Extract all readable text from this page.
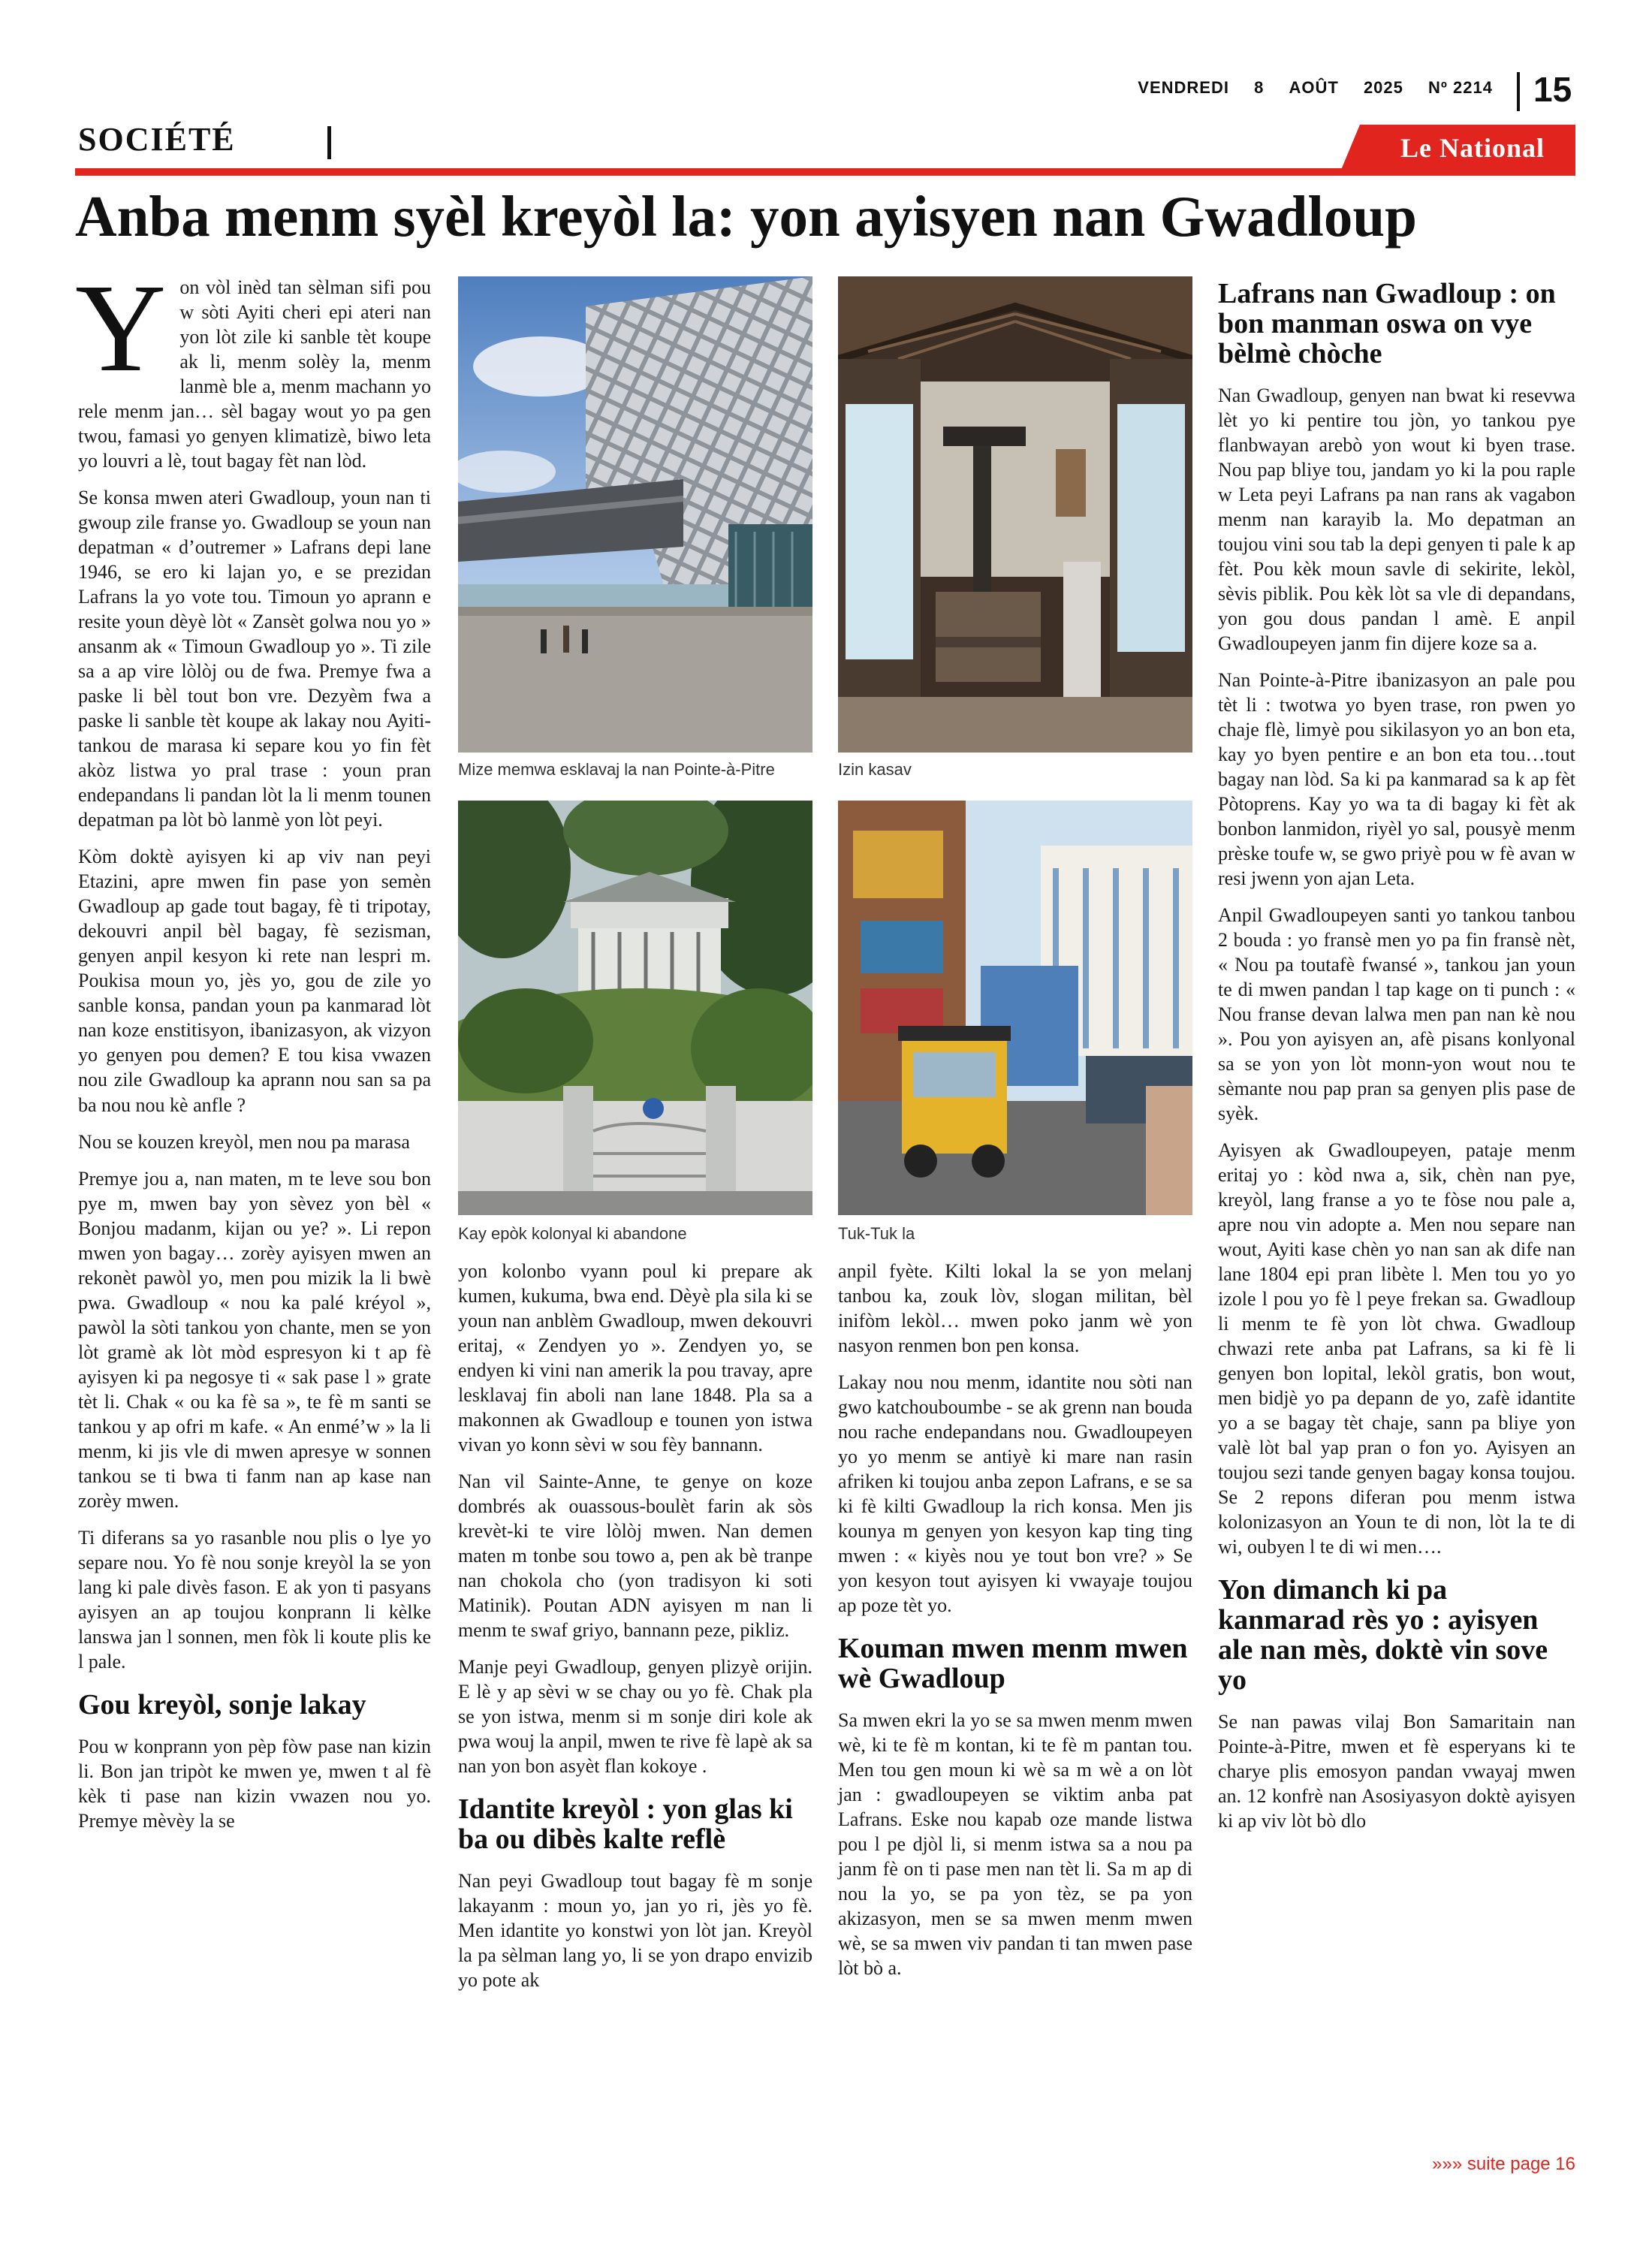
VENDREDI 8 AOÛT 2025 Nº 2214 15
SOCIÉTÉ	Le National
Anba menm syèl kreyòl la: yon ayisyen nan Gwadloup

Yon vòl inèd tan sèlman sifi pou w sòti Ayiti cheri epi ateri nan yon lòt zile ki sanble tèt koupe ak li, menm solèy la, menm lanmè ble a, menm machann yo rele menm jan… sèl bagay wout yo pa gen twou, famasi yo genyen klimatizè, biwo leta yo louvri a lè, tout bagay fèt nan lòd.

Se konsa mwen ateri Gwadloup, youn nan ti gwoup zile franse yo. Gwadloup se youn nan depatman « d’outremer » Lafrans depi lane 1946, se ero ki lajan yo, e se prezidan Lafrans la yo vote tou. Timoun yo aprann e resite youn dèyè lòt « Zansèt golwa nou yo » ansanm ak « Timoun Gwadloup yo ». Ti zile sa a ap vire lòlòj ou de fwa. Premye fwa a paske li bèl tout bon vre. Dezyèm fwa a paske li sanble tèt koupe ak lakay nou Ayiti-tankou de marasa ki separe kou yo fin fèt akòz listwa yo pral trase : youn pran endepandans li pandan lòt la li menm tounen depatman pa lòt bò lanmè yon lòt peyi.

Kòm doktè ayisyen ki ap viv nan peyi Etazini, apre mwen fin pase yon semèn Gwadloup ap gade tout bagay, fè ti tripotay, dekouvri anpil bèl bagay, fè sezisman, genyen anpil kesyon ki rete nan lespri m. Poukisa moun yo, jès yo, gou de zile yo sanble konsa, pandan youn pa kanmarad lòt nan koze enstitisyon, ibanizasyon, ak vizyon yo genyen pou demen? E tou kisa vwazen nou zile Gwadloup ka aprann nou san sa pa ba nou nou kè anfle ?

Nou se kouzen kreyòl, men nou pa marasa

Premye jou a, nan maten, m te leve sou bon pye m, mwen bay yon sèvez yon bèl « Bonjou madanm, kijan ou ye? ». Li repon mwen yon bagay… zorèy ayisyen mwen an rekonèt pawòl yo, men pou mizik la li bwè pwa. Gwadloup « nou ka palé kréyol », pawòl la sòti tankou yon chante, men se yon lòt gramè ak lòt mòd espresyon ki t ap fè ayisyen ki pa negosye ti « sak pase l » grate tèt li. Chak « ou ka fè sa », te fè m santi se tankou y ap ofri m kafe. « An enmé’w » la li menm, ki jis vle di mwen apresye w sonnen tankou se ti bwa ti fanm nan ap kase nan zorèy mwen.

Ti diferans sa yo rasanble nou plis o lye yo separe nou. Yo fè nou sonje kreyòl la se yon lang ki pale divès fason. E ak yon ti pasyans ayisyen an ap toujou konprann li kèlke lanswa jan l sonnen, men fòk li koute plis ke l pale.

Gou kreyòl, sonje lakay

Pou w konprann yon pèp fòw pase nan kizin li. Bon jan tripòt ke mwen ye, mwen t al fè kèk ti pase nan kizin vwazen nou yo. Premye mèvèy la se

Mize memwa esklavaj la nan Pointe-à-Pitre	Izin kasav
Kay epòk kolonyal ki abandone	Tuk-Tuk la

yon kolonbo vyann poul ki prepare ak kumen, kukuma, bwa end. Dèyè pla sila ki se youn nan anblèm Gwadloup, mwen dekouvri eritaj, « Zendyen yo ». Zendyen yo, se endyen ki vini nan amerik la pou travay, apre lesklavaj fin aboli nan lane 1848. Pla sa a makonnen ak Gwadloup e tounen yon istwa vivan yo konn sèvi w sou fèy bannann.

Nan vil Sainte-Anne, te genye on koze dombrés ak ouassous-boulèt farin ak sòs krevèt-ki te vire lòlòj mwen. Nan demen maten m tonbe sou towo a, pen ak bè tranpe nan chokola cho (yon tradisyon ki soti Matinik). Poutan ADN ayisyen m nan li menm te swaf griyo, bannann peze, pikliz.

Manje peyi Gwadloup, genyen plizyè orijin. E lè y ap sèvi w se chay ou yo fè. Chak pla se yon istwa, menm si m sonje diri kole ak pwa wouj la anpil, mwen te rive fè lapè ak sa nan yon bon asyèt flan kokoye .

Idantite kreyòl : yon glas ki ba ou dibès kalte reflè

Nan peyi Gwadloup tout bagay fè m sonje lakayanm : moun yo, jan yo ri, jès yo fè. Men idantite yo konstwi yon lòt jan. Kreyòl la pa sèlman lang yo, li se yon drapo envizib yo pote ak

anpil fyète. Kilti lokal la se yon melanj tanbou ka, zouk lòv, slogan militan, bèl inifòm lekòl… mwen poko janm wè yon nasyon renmen bon pen konsa.

Lakay nou nou menm, idantite nou sòti nan gwo katchouboumbe - se ak grenn nan bouda nou rache endepandans nou. Gwadloupeyen yo yo menm se antiyè ki mare nan rasin afriken ki toujou anba zepon Lafrans, e se sa ki fè kilti Gwadloup la rich konsa. Men jis kounya m genyen yon kesyon kap ting ting mwen : « kiyès nou ye tout bon vre? » Se yon kesyon tout ayisyen ki vwayaje toujou ap poze tèt yo.

Kouman mwen menm mwen wè Gwadloup

Sa mwen ekri la yo se sa mwen menm mwen wè, ki te fè m kontan, ki te fè m pantan tou. Men tou gen moun ki wè sa m wè a on lòt jan : gwadloupeyen se viktim anba pat Lafrans. Eske nou kapab oze mande listwa pou l pe djòl li, si menm istwa sa a nou pa janm fè on ti pase men nan tèt li. Sa m ap di nou la yo, se pa yon tèz, se pa yon akizasyon, men se sa mwen menm mwen wè, se sa mwen viv pandan ti tan mwen pase lòt bò a.

Lafrans nan Gwadloup : on bon manman oswa on vye bèlmè chòche

Nan Gwadloup, genyen nan bwat ki resevwa lèt yo ki pentire tou jòn, yo tankou pye flanbwayan arebò yon wout ki byen trase. Nou pap bliye tou, jandam yo ki la pou raple w Leta peyi Lafrans pa nan rans ak vagabon menm nan karayib la. Mo depatman an toujou vini sou tab la depi genyen ti pale k ap fèt. Pou kèk moun savle di sekirite, lekòl, sèvis piblik. Pou kèk lòt sa vle di depandans, yon gou dous pandan l amè. E anpil Gwadloupeyen janm fin dijere koze sa a.

Nan Pointe-à-Pitre ibanizasyon an pale pou tèt li : twotwa yo byen trase, ron pwen yo chaje flè, limyè pou sikilasyon yo an bon eta, kay yo byen pentire e an bon eta tou…tout bagay nan lòd. Sa ki pa kanmarad sa k ap fèt Pòtoprens. Kay yo wa ta di bagay ki fèt ak bonbon lanmidon, riyèl yo sal, pousyè menm prèske toufe w, se gwo priyè pou w fè avan w resi jwenn yon ajan Leta.

Anpil Gwadloupeyen santi yo tankou tanbou 2 bouda : yo fransè men yo pa fin fransè nèt, « Nou pa toutafè fwansé », tankou jan youn te di mwen pandan l tap kage on ti punch : « Nou franse devan lalwa men pan nan kè nou ». Pou yon ayisyen an, afè pisans konlyonal sa se yon yon lòt monn-yon wout nou te sèmante nou pap pran sa genyen plis pase de syèk.

Ayisyen ak Gwadloupeyen, pataje menm eritaj yo : kòd nwa a, sik, chèn nan pye, kreyòl, lang franse a yo te fòse nou pale a, apre nou vin adopte a. Men nou separe nan wout, Ayiti kase chèn yo nan san ak dife nan lane 1804 epi pran libète l. Men tou yo yo izole l pou yo fè l peye frekan sa. Gwadloup li menm te fè yon lòt chwa. Gwadloup chwazi rete anba pat Lafrans, sa ki fè li genyen bon lopital, lekòl gratis, bon wout, men bidjè yo pa depann de yo, zafè idantite yo a se bagay tèt chaje, sann pa bliye yon valè lòt bal yap pran o fon yo. Ayisyen an toujou sezi tande genyen bagay konsa toujou. Se 2 repons diferan pou menm istwa kolonizasyon an Youn te di non, lòt la te di wi, oubyen l te di wi men….

Yon dimanch ki pa kanmarad rès yo : ayisyen ale nan mès, doktè vin sove yo

Se nan pawas vilaj Bon Samaritain nan Pointe-à-Pitre, mwen et fè esperyans ki te charye plis emosyon pandan vwayaj mwen an. 12 konfrè nan Asosiyasyon doktè ayisyen ki ap viv lòt bò dlo

»»» suite page 16
